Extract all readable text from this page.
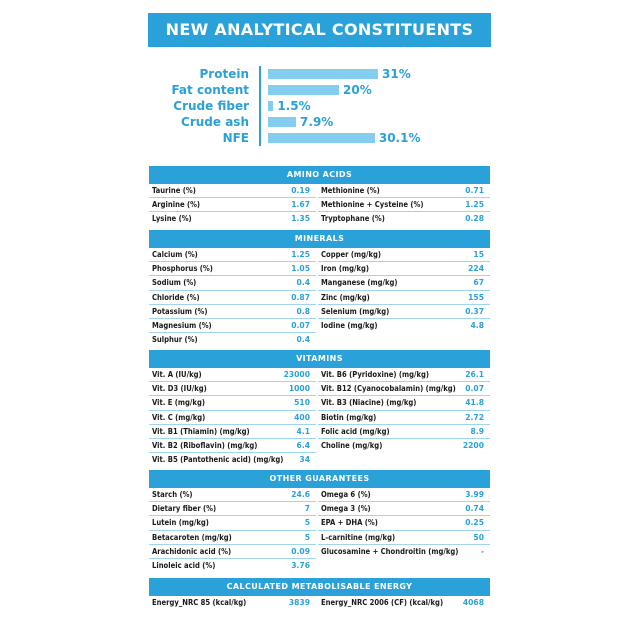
NEW ANALYTICAL CONSTITUENTS
Protein	31%
Fat content	20%
Crude fiber 1.5%
Crude ash	7.9%
NFE	30.1%
AMINO ACIDS
Taurine (%)	0.19 Methionine (%)	0.71
Arginine (%)	1.67 Methionine + Cysteine (%)	1.25
Lysine (%)	1.35 Tryptophane (%)	0.28
MINERALS
Calcium (%)	1.25 Copper (mg/kg)	15
Phosphorus (%)	1.05 Iron (mg/kg)	224
Sodium (%)	0.4 Manganese (mg/kg)	67
Chloride (%)	0.87 Zinc (mg/kg)	155
Potassium (%)	0.8 Selenium (mg/kg)	0.37
Magnesium (%)	0.07 Iodine (mg/kg)	4.8
Sulphur (%)	0.4
VITAMINS
Vit. A (IU/kg)	23000 Vit. B6 (Pyridoxine) (mg/kg)	26.1
Vit. D3 (IU/kg)	1000 Vit. B12 (Cyanocobalamin) (mg/kg) 0.07
Vit. E (mg/kg)	510 Vit. B3 (Niacine) (mg/kg)	41.8
Vit. C (mg/kg)	400 Biotin (mg/kg)	2.72
Vit. B1 (Thiamin) (mg/kg)	4.1 Folic acid (mg/kg)	8.9
Vit. B2 (Riboflavin) (mg/kg)	6.4 Choline (mg/kg)	2200
Vit. B5 (Pantothenic acid) (mg/kg) 34
OTHER GUARANTEES
Starch (%)	24.6 Omega 6 (%)	3.99
Dietary fiber (%)	7 Omega 3 (%)	0.74
Lutein (mg/kg)	5 EPA + DHA (%)	0.25
Betacaroten (mg/kg)	5 L-carnitine (mg/kg)	50
Arachidonic acid (%)	0.09 Glucosamine + Chondroitin (mg/kg)	-
Linoleic acid (%)	3.76
CALCULATED METABOLISABLE ENERGY
Energy_NRC 85 (kcal/kg)	3839 Energy_NRC 2006 (CF) (kcal/kg)	4068
